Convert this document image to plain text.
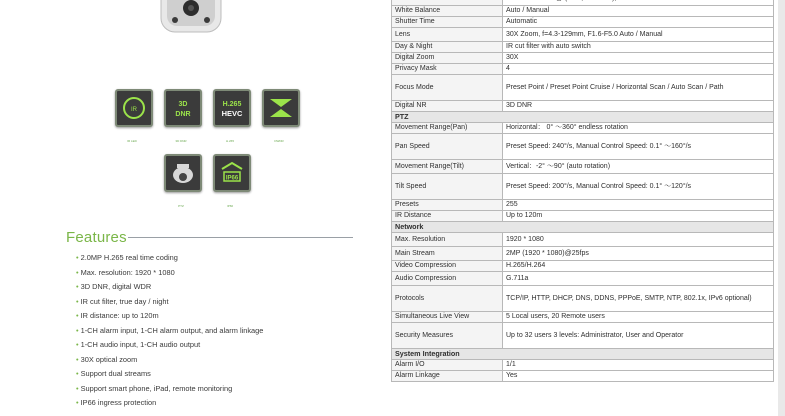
IR
3D
DNR
H.265
HEVC
IP66
IR LED	3D DNR	H.265	DWDR
PTZ	IP66
Features
• 2.0MP H.265 real time coding
• Max. resolution: 1920 * 1080
• 3D DNR, digital WDR
• IR cut filter, true day / night
• IR distance: up to 120m
• 1-CH alarm input, 1-CH alarm output, and alarm linkage
• 1-CH audio input, 1-CH audio output
• 30X optical zoom
• Support dual streams
• Support smart phone, iPad, remote monitoring
• IP66 ingress protection

White Balance	Auto / Manual
Shutter Time	Automatic
Lens	30X Zoom, f=4.3-129mm, F1.6-F5.0 Auto / Manual
Day & Night	IR cut filter with auto switch
Digital Zoom	30X
Privacy Mask	4
Focus Mode	Preset Point / Preset Point Cruise / Horizontal Scan / Auto Scan / Path
Digital NR	3D DNR
PTZ	
Movement Range(Pan)	Horizontal： 0° ～360° endless rotation
Pan Speed	Preset Speed: 240°/s, Manual Control Speed: 0.1° ～160°/s
Movement Range(Tilt)	Vertical：-2° ～90° (auto rotation)
Tilt Speed	Preset Speed: 200°/s, Manual Control Speed: 0.1° ～120°/s
Presets	255
IR Distance	Up to 120m
Network	
Max. Resolution	1920 * 1080
Main Stream	2MP (1920 * 1080)@25fps
Video Compression	H.265/H.264
Audio Compression	G.711a
Protocols	TCP/IP, HTTP, DHCP, DNS, DDNS, PPPoE, SMTP, NTP, 802.1x, IPv6 optional)
Simultaneous Live View	5 Local users, 20 Remote users
Security Measures	Up to 32 users 3 levels: Administrator, User and Operator
System Integration	
Alarm I/O	1/1
Alarm Linkage	Yes
